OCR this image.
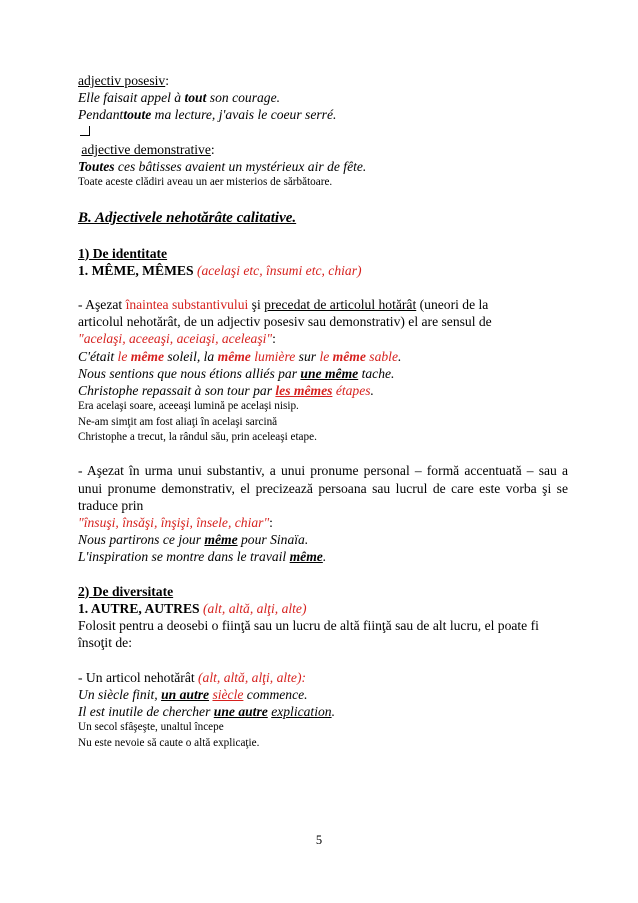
adjectiv posesiv:
Elle faisait appel à tout son courage.
Pendanttoute ma lecture, j'avais le coeur serré.
adjective demonstrative:
Toutes ces bâtisses avaient un mystérieux air de fête.
Toate aceste clădiri aveau un aer misterios de sărbătoare.
B. Adjectivele nehotărâte calitative.
1) De identitate
1. MÊME, MÊMES (acelaşi etc, însumi etc, chiar)
- Aşezat înaintea substantivului şi precedat de articolul hotărât (uneori de la
articolul nehotărât, de un adjectiv posesiv sau demonstrativ) el are sensul de
"acelaşi, aceeaşi, aceiaşi, aceleaşi":
C'était le même soleil, la même lumière sur le même sable.
Nous sentions que nous étions alliés par une même tache.
Christophe repassait à son tour par les mêmes étapes.
Era acelaşi soare, aceeaşi lumină pe acelaşi nisip.
Ne-am simţit am fost aliaţi în acelaşi sarcină
Christophe a trecut, la rândul său, prin aceleaşi etape.
- Aşezat în urma unui substantiv, a unui pronume personal – formă accentuată – sau a unui pronume demonstrativ, el precizează persoana sau lucrul de care este vorba şi se traduce prin
"însuşi, însăşi, înşişi, însele, chiar":
Nous partirons ce jour même pour Sinaïa.
L'inspiration se montre dans le travail même.
2) De diversitate
1. AUTRE, AUTRES (alt, altă, alţi, alte)
Folosit pentru a deosebi o fiinţă sau un lucru de altă fiinţă sau de alt lucru, el poate fi însoţit de:
- Un articol nehotărât (alt, altă, alţi, alte):
Un siècle finit, un autre siècle commence.
Il est inutile de chercher une autre explication.
Un secol sfâşeşte, unaltul începe
Nu este nevoie să caute o altă explicaţie.
5
